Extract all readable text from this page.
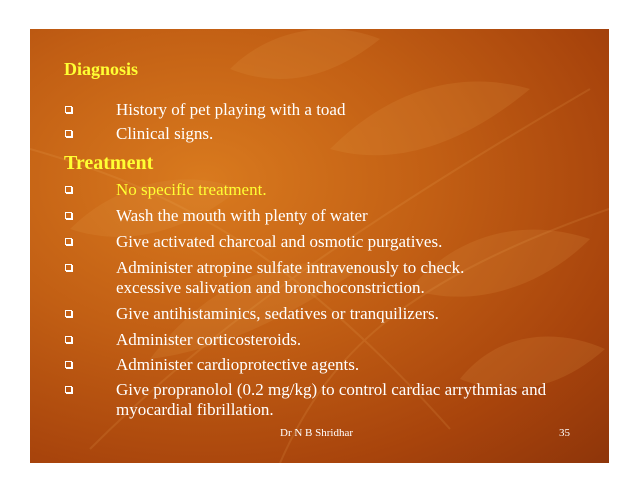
Diagnosis
History of pet playing with a toad
Clinical signs.
Treatment
No specific treatment.
Wash the mouth with plenty of water
Give activated charcoal and osmotic purgatives.
Administer atropine sulfate intravenously to check. excessive salivation and bronchoconstriction.
Give antihistaminics, sedatives or tranquilizers.
Administer corticosteroids.
Administer cardioprotective agents.
Give propranolol (0.2 mg/kg) to control cardiac arrythmias and myocardial fibrillation.
Dr N B Shridhar	35
